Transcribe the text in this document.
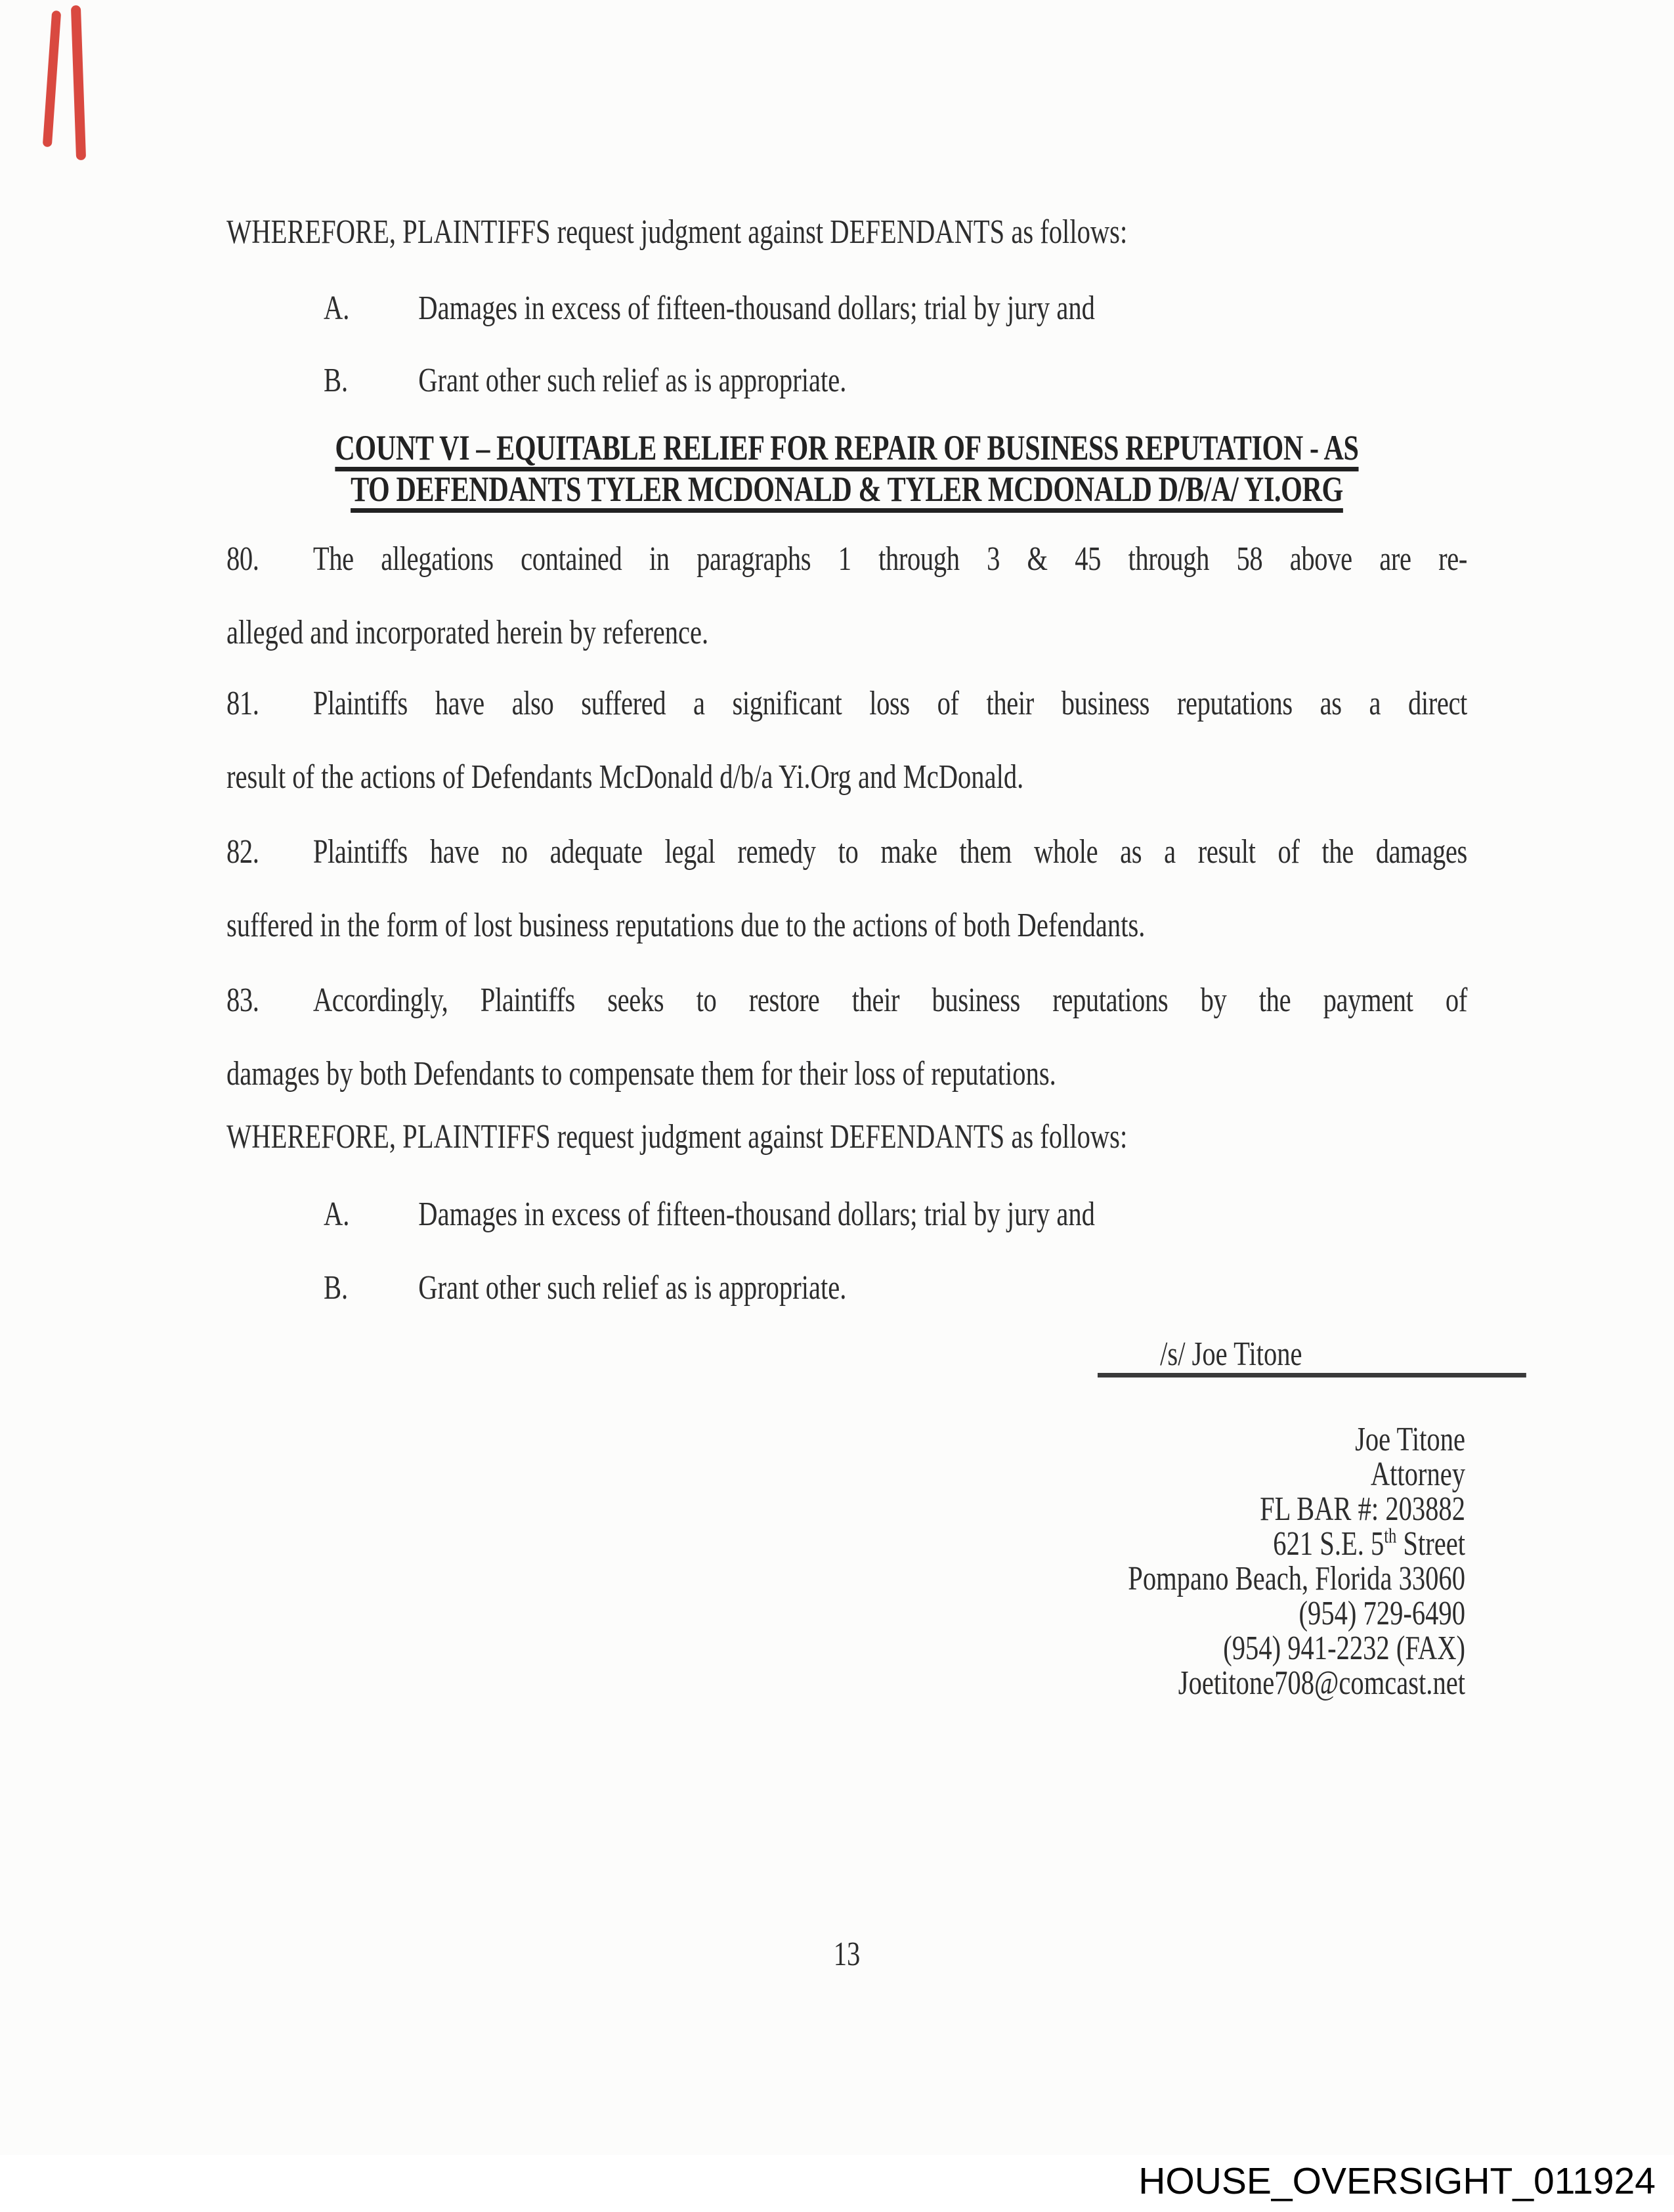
WHEREFORE, PLAINTIFFS request judgment against DEFENDANTS as follows:
A. Damages in excess of fifteen-thousand dollars; trial by jury and
B. Grant other such relief as is appropriate.
COUNT VI – EQUITABLE RELIEF FOR REPAIR OF BUSINESS REPUTATION - AS
TO DEFENDANTS TYLER MCDONALD & TYLER MCDONALD D/B/A/ YI.ORG
80. The allegations contained in paragraphs 1 through 3 & 45 through 58 above are re-
alleged and incorporated herein by reference.
81. Plaintiffs have also suffered a significant loss of their business reputations as a direct
result of the actions of Defendants McDonald d/b/a Yi.Org and McDonald.
82. Plaintiffs have no adequate legal remedy to make them whole as a result of the damages
suffered in the form of lost business reputations due to the actions of both Defendants.
83. Accordingly, Plaintiffs seeks to restore their business reputations by the payment of
damages by both Defendants to compensate them for their loss of reputations.
WHEREFORE, PLAINTIFFS request judgment against DEFENDANTS as follows:
A. Damages in excess of fifteen-thousand dollars; trial by jury and
B. Grant other such relief as is appropriate.
/s/ Joe Titone
Joe Titone
Attorney
FL BAR #: 203882
621 S.E. 5th Street
Pompano Beach, Florida 33060
(954) 729-6490
(954) 941-2232 (FAX)
Joetitone708@comcast.net
13
HOUSE_OVERSIGHT_011924
